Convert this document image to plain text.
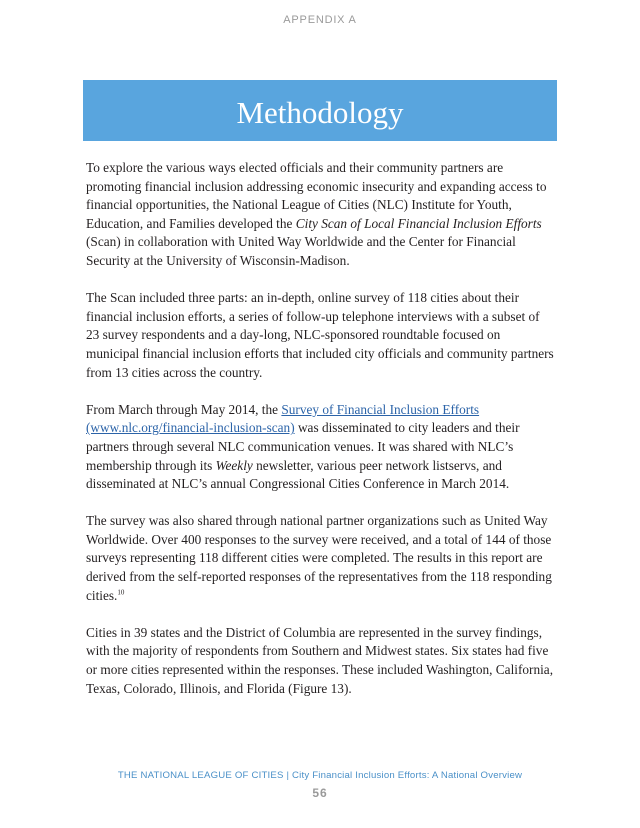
APPENDIX A
Methodology

To explore the various ways elected officials and their community partners are promoting financial inclusion addressing economic insecurity and expanding access to financial opportunities, the National League of Cities (NLC) Institute for Youth, Education, and Families developed the City Scan of Local Financial Inclusion Efforts (Scan) in collaboration with United Way Worldwide and the Center for Financial Security at the University of Wisconsin-Madison.

The Scan included three parts: an in-depth, online survey of 118 cities about their financial inclusion efforts, a series of follow-up telephone interviews with a subset of 23 survey respondents and a day-long, NLC-sponsored roundtable focused on municipal financial inclusion efforts that included city officials and community partners from 13 cities across the country.

From March through May 2014, the Survey of Financial Inclusion Efforts (www.nlc.org/financial-inclusion-scan) was disseminated to city leaders and their partners through several NLC communication venues. It was shared with NLC’s membership through its Weekly newsletter, various peer network listservs, and disseminated at NLC’s annual Congressional Cities Conference in March 2014.

The survey was also shared through national partner organizations such as United Way Worldwide. Over 400 responses to the survey were received, and a total of 144 of those surveys representing 118 different cities were completed. The results in this report are derived from the self-reported responses of the representatives from the 118 responding cities.$^{10}$

Cities in 39 states and the District of Columbia are represented in the survey findings, with the majority of respondents from Southern and Midwest states. Six states had five or more cities represented within the responses. These included Washington, California, Texas, Colorado, Illinois, and Florida (Figure 13).

THE NATIONAL LEAGUE OF CITIES | City Financial Inclusion Efforts: A National Overview
56
